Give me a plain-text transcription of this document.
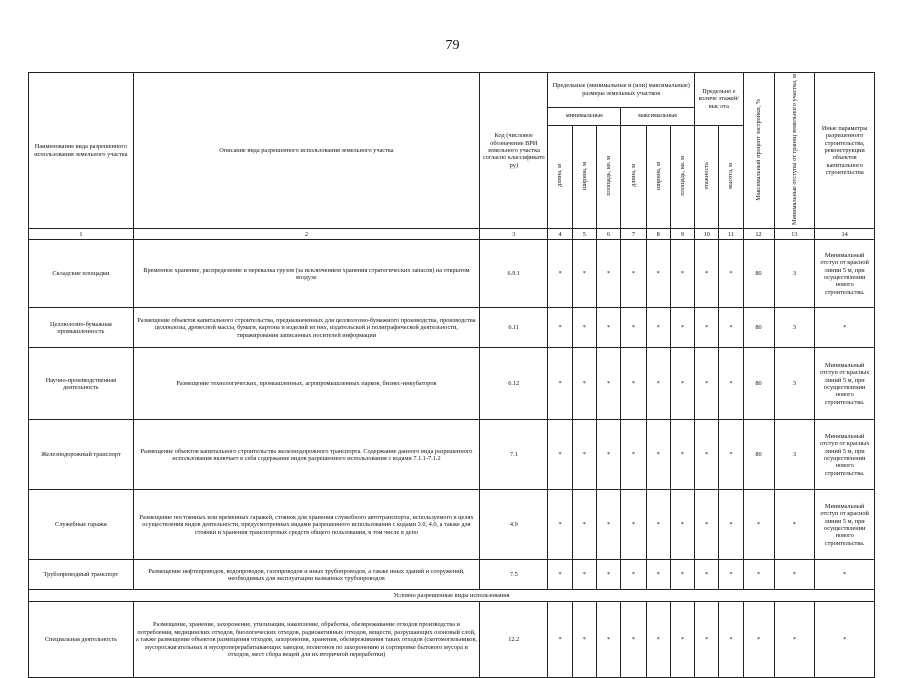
79
Наименование вида разрешенного использования земельного участка	Описание вида разрешенного использования земельного участка	Код (числовое обозначение ВРИ земельного участка согласно классификато ру)	Предельные (минимальные и (или) максимальные) размеры земельных участков						Предельно е количе этажей/выс ота		Максимальный процент застройки, %	Минимальные отступы от границ земельного участка, м	Иные параметры разрешенного строительства, реконструкции объектов капитального строительства
			минимальные			максимальные							
			длина, м	ширина, м	площадь, кв. м	длина, м	ширина, м	площадь, кв. м	этажность	высота, м			
1	2	3	4	5	6	7	8	9	10	11	12	13	14
Складские площадки	Временное хранение, распределение и перевалка грузов (за исключением хранения стратегических запасов) на открытом воздухе	6.9.1	*	*	*	*	*	*	*	*	80	3	Минимальный отступ от красной линии 5 м, при осуществлении нового строительства.
Целлюлозно-бумажная промышленность	Размещение объектов капитального строительства, предназначенных для целлюлозно-бумажного производства, производства целлюлозы, древесной массы, бумаги, картона и изделий из них, издательской и полиграфической деятельности, тиражирования записанных носителей информации	6.11	*	*	*	*	*	*	*	*	80	3	*
Научно-производственная деятельность	Размещение технологических, промышленных, агропромышленных парков, бизнес-инкубаторов	6.12	*	*	*	*	*	*	*	*	80	3	Минимальный отступ от красных линий 5 м, при осуществлении нового строительства.
Железнодорожный транспорт	Размещение объектов капитального строительства железнодорожного транспорта. Содержание данного вида разрешенного использования включает в себя содержание видов разрешенного использования с кодами 7.1.1-7.1.2	7.1	*	*	*	*	*	*	*	*	80	3	Минимальный отступ от красных линий 5 м, при осуществлении нового строительства.
Служебные гаражи	Размещение постоянных или временных гаражей, стоянок для хранения служебного автотранспорта, используемого в целях осуществления видов деятельности, предусмотренных видами разрешенного использования с кодами 3.0, 4.0, а также для стоянки и хранения транспортных средств общего пользования, в том числе в депо	4.9	*	*	*	*	*	*	*	*	*	*	Минимальный отступ от красной линии 5 м, при осуществлении нового строительства.
Трубопроводный транспорт	Размещение нефтепроводов, водопроводов, газопроводов и иных трубопроводов, а также иных зданий и сооружений, необходимых для эксплуатации названных трубопроводов	7.5	*	*	*	*	*	*	*	*	*	*	*
Условно разрешенные виды использования													
Специальная деятельность	Размещение, хранение, захоронение, утилизация, накопление, обработка, обезвреживание отходов производства и потребления, медицинских отходов, биологических отходов, радиоактивных отходов, веществ, разрушающих озоновый слой, а также размещение объектов размещения отходов, захоронения, хранения, обезвреживания таких отходов (скотомогильников, мусоросжигательных и мусороперерабатывающих заводов, полигонов по захоронению и сортировке бытового мусора и отходов, мест сбора вещей для их вторичной переработки)	12.2	*	*	*	*	*	*	*	*	*	*	*
